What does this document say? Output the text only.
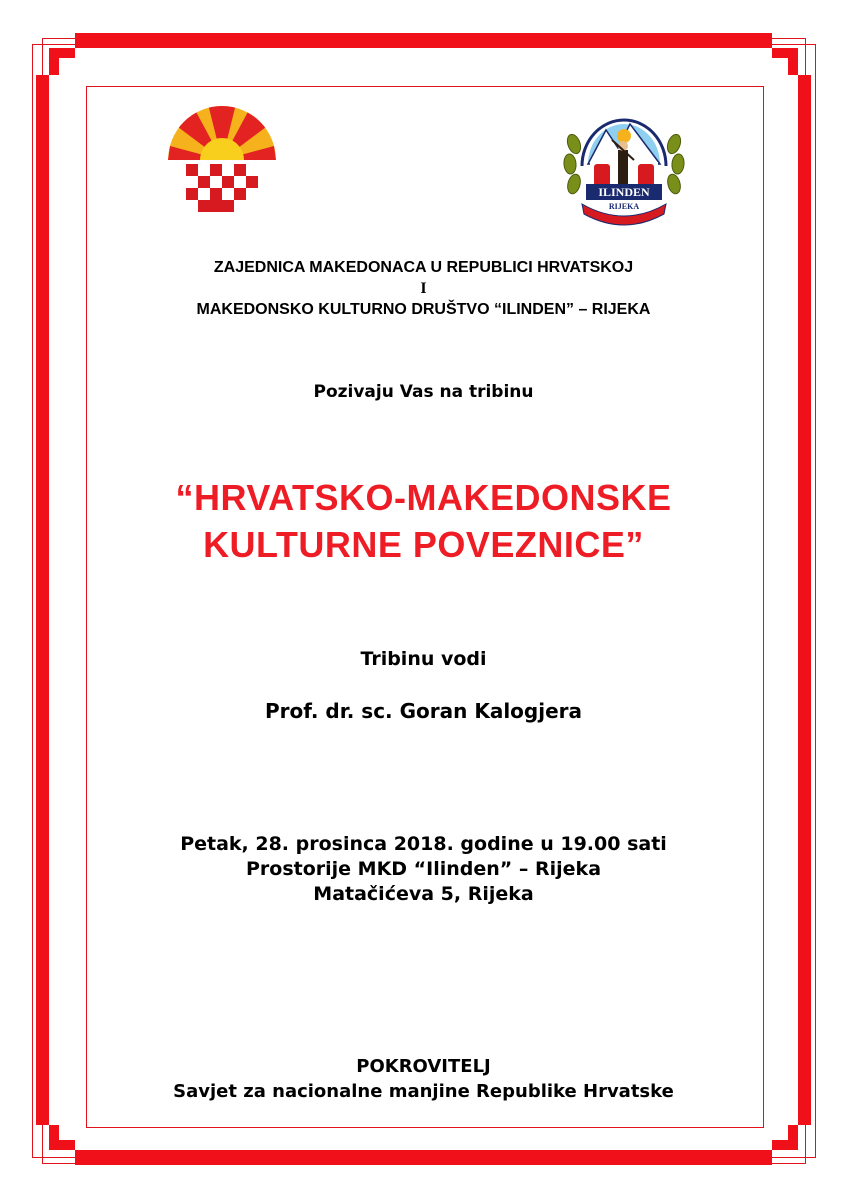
ILINDEN
RIJEKA
ZAJEDNICA MAKEDONACA U REPUBLICI HRVATSKOJ
I
MAKEDONSKO KULTURNO DRUŠTVO “ILINDEN” – RIJEKA
Pozivaju Vas na tribinu
“HRVATSKO-MAKEDONSKE
KULTURNE POVEZNICE”
Tribinu vodi
Prof. dr. sc. Goran Kalogjera
Petak, 28. prosinca 2018. godine u 19.00 sati
Prostorije MKD “Ilinden” – Rijeka
Matačićeva 5, Rijeka
POKROVITELJ
Savjet za nacionalne manjine Republike Hrvatske
